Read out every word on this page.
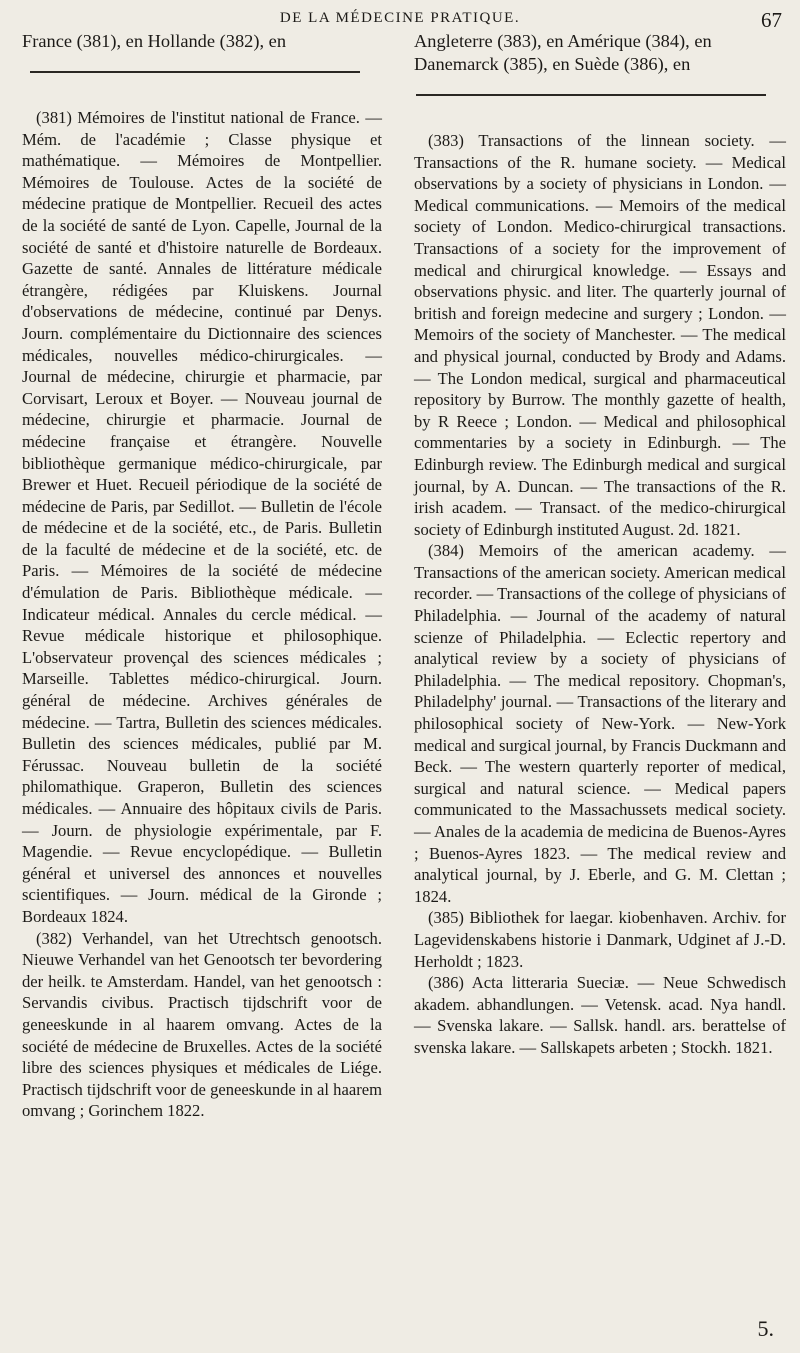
DE LA MÉDECINE PRATIQUE.	67

France (381), en Hollande (382), en

(381) Mémoires de l'institut national de France. — Mém. de l'académie ; Classe physique et mathématique. — Mémoires de Montpellier. Mémoires de Toulouse. Actes de la société de médecine pratique de Montpellier. Recueil des actes de la société de santé de Lyon. Capelle, Journal de la société de santé et d'histoire naturelle de Bordeaux. Gazette de santé. Annales de littérature médicale étrangère, rédigées par Kluiskens. Journal d'observations de médecine, continué par Denys. Journ. complémentaire du Dictionnaire des sciences médicales, nouvelles médico-chirurgicales. — Journal de médecine, chirurgie et pharmacie, par Corvisart, Leroux et Boyer. — Nouveau journal de médecine, chirurgie et pharmacie. Journal de médecine française et étrangère. Nouvelle bibliothèque germanique médico-chirurgicale, par Brewer et Huet. Recueil périodique de la société de médecine de Paris, par Sedillot. — Bulletin de l'école de médecine et de la société, etc., de Paris. Bulletin de la faculté de médecine et de la société, etc. de Paris. — Mémoires de la société de médecine d'émulation de Paris. Bibliothèque médicale. — Indicateur médical. Annales du cercle médical. — Revue médicale historique et philosophique. L'observateur provençal des sciences médicales ; Marseille. Tablettes médico-chirurgical. Journ. général de médecine. Archives générales de médecine. — Tartra, Bulletin des sciences médicales. Bulletin des sciences médicales, publié par M. Férussac. Nouveau bulletin de la société philomathique. Graperon, Bulletin des sciences médicales. — Annuaire des hôpitaux civils de Paris. — Journ. de physiologie expérimentale, par F. Magendie. — Revue encyclopédique. — Bulletin général et universel des annonces et nouvelles scientifiques. — Journ. médical de la Gironde ; Bordeaux 1824.

(382) Verhandel, van het Utrechtsch genootsch. Nieuwe Verhandel van het Genootsch ter bevordering der heilk. te Amsterdam. Handel, van het genootsch : Servandis civibus. Practisch tijdschrift voor de geneeskunde in al haarem omvang. Actes de la société de médecine de Bruxelles. Actes de la société libre des sciences physiques et médicales de Liége. Practisch tijdschrift voor de geneeskunde in al haarem omvang ; Gorinchem 1822.

Angleterre (383), en Amérique (384), en Danemarck (385), en Suède (386), en

(383) Transactions of the linnean society. — Transactions of the R. humane society. — Medical observations by a society of physicians in London. — Medical communications. — Memoirs of the medical society of London. Medico-chirurgical transactions. Transactions of a society for the improvement of medical and chirurgical knowledge. — Essays and observations physic. and liter. The quarterly journal of british and foreign medecine and surgery ; London. — Memoirs of the society of Manchester. — The medical and physical journal, conducted by Brody and Adams. — The London medical, surgical and pharmaceutical repository by Burrow. The monthly gazette of health, by R Reece ; London. — Medical and philosophical commentaries by a society in Edinburgh. — The Edinburgh review. The Edinburgh medical and surgical journal, by A. Duncan. — The transactions of the R. irish academ. — Transact. of the medico-chirurgical society of Edinburgh instituted August. 2d. 1821.

(384) Memoirs of the american academy. — Transactions of the american society. American medical recorder. — Transactions of the college of physicians of Philadelphia. — Journal of the academy of natural scienze of Philadelphia. — Eclectic repertory and analytical review by a society of physicians of Philadelphia. — The medical repository. Chopman's, Philadelphy' journal. — Transactions of the literary and philosophical society of New-York. — New-York medical and surgical journal, by Francis Duckmann and Beck. — The western quarterly reporter of medical, surgical and natural science. — Medical papers communicated to the Massachussets medical society. — Anales de la academia de medicina de Buenos-Ayres ; Buenos-Ayres 1823. — The medical review and analytical journal, by J. Eberle, and G. M. Clettan ; 1824.

(385) Bibliothek for laegar. kiobenhaven. Archiv. for Lagevidenskabens historie i Danmark, Udginet af J.-D. Herholdt ; 1823.

(386) Acta litteraria Sueciæ. — Neue Schwedisch akadem. abhandlungen. — Vetensk. acad. Nya handl. — Svenska lakare. — Sallsk. handl. ars. berattelse of svenska lakare. — Sallskapets arbeten ; Stockh. 1821.

5.
